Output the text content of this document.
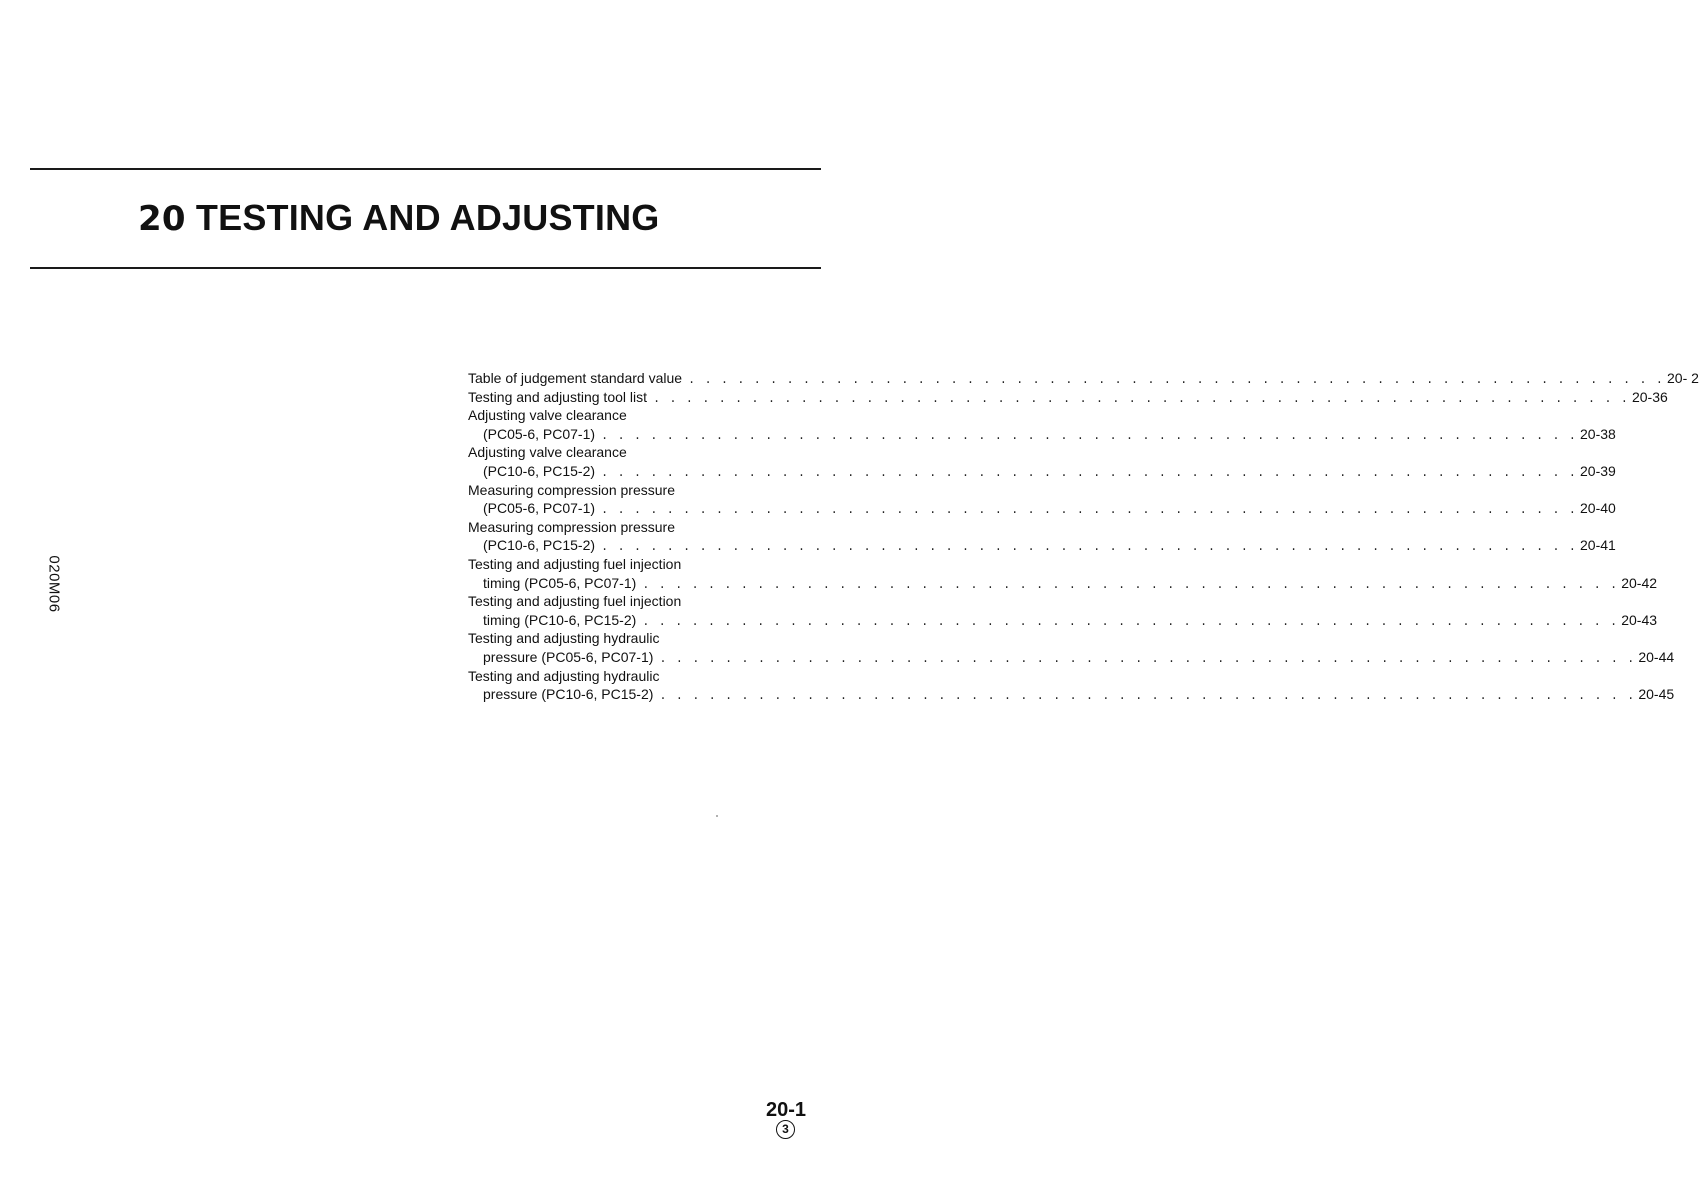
20 TESTING AND ADJUSTING
020M06
Table of judgement standard value . . . . . . . . . . . . . . . . . . . . . . . . . . . . . . . . . . . . . . . . . . . . . . . . . . . . . . . . . . . . 20- 2
Testing and adjusting tool list . . . . . . . . . . . . . . . . . . . . . . . . . . . . . . . . . . . . . . . . . . . . . . . . . . . . . . . . . . . . 20-36
Adjusting valve clearance
(PC05-6, PC07-1) . . . . . . . . . . . . . . . . . . . . . . . . . . . . . . . . . . . . . . . . . . . . . . . . . . . . . . . . . . . . 20-38
Adjusting valve clearance
(PC10-6, PC15-2) . . . . . . . . . . . . . . . . . . . . . . . . . . . . . . . . . . . . . . . . . . . . . . . . . . . . . . . . . . . . 20-39
Measuring compression pressure
(PC05-6, PC07-1) . . . . . . . . . . . . . . . . . . . . . . . . . . . . . . . . . . . . . . . . . . . . . . . . . . . . . . . . . . . . 20-40
Measuring compression pressure
(PC10-6, PC15-2) . . . . . . . . . . . . . . . . . . . . . . . . . . . . . . . . . . . . . . . . . . . . . . . . . . . . . . . . . . . . 20-41
Testing and adjusting fuel injection
timing (PC05-6, PC07-1) . . . . . . . . . . . . . . . . . . . . . . . . . . . . . . . . . . . . . . . . . . . . . . . . . . . . . . . . . . . . 20-42
Testing and adjusting fuel injection
timing (PC10-6, PC15-2) . . . . . . . . . . . . . . . . . . . . . . . . . . . . . . . . . . . . . . . . . . . . . . . . . . . . . . . . . . . . 20-43
Testing and adjusting hydraulic
pressure (PC05-6, PC07-1) . . . . . . . . . . . . . . . . . . . . . . . . . . . . . . . . . . . . . . . . . . . . . . . . . . . . . . . . . . . . 20-44
Testing and adjusting hydraulic
pressure (PC10-6, PC15-2) . . . . . . . . . . . . . . . . . . . . . . . . . . . . . . . . . . . . . . . . . . . . . . . . . . . . . . . . . . . . 20-45
20-1
3
